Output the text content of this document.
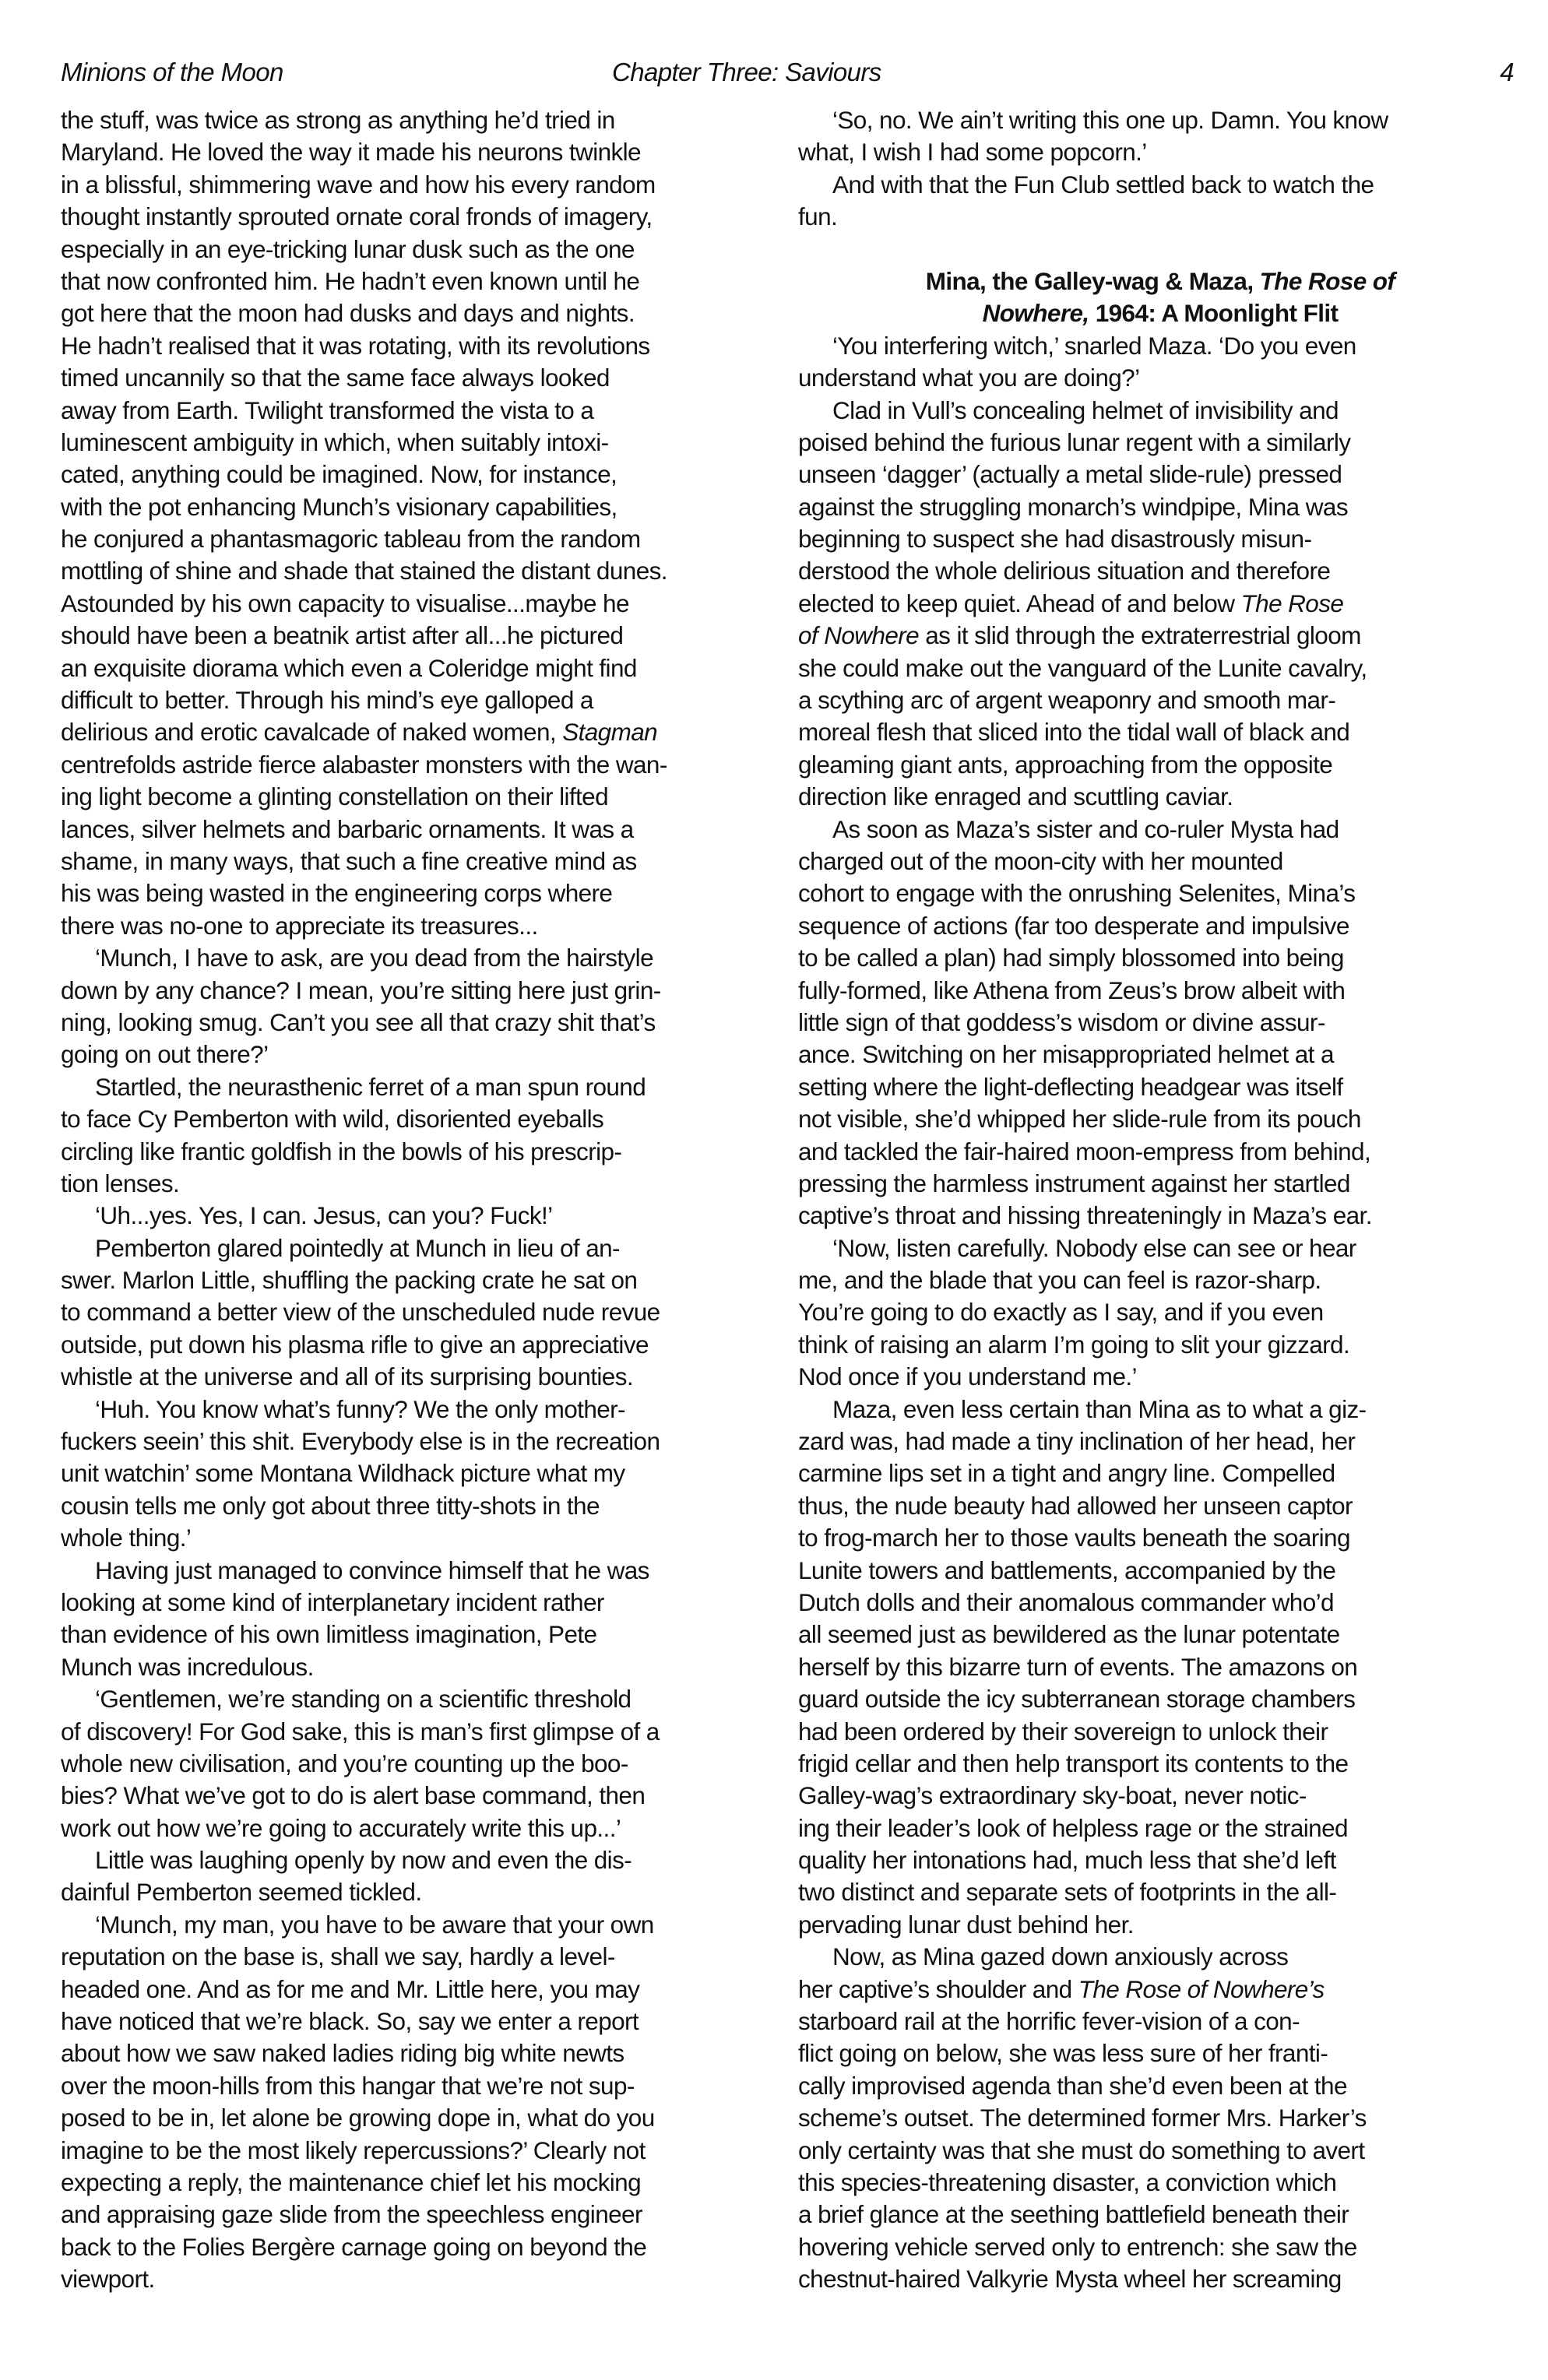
Minions of the Moon	Chapter Three: Saviours	4
the stuff, was twice as strong as anything he’d tried in
Maryland. He loved the way it made his neurons twinkle
in a blissful, shimmering wave and how his every random
thought instantly sprouted ornate coral fronds of imagery,
especially in an eye-tricking lunar dusk such as the one
that now confronted him. He hadn’t even known until he
got here that the moon had dusks and days and nights.
He hadn’t realised that it was rotating, with its revolutions
timed uncannily so that the same face always looked
away from Earth. Twilight transformed the vista to a
luminescent ambiguity in which, when suitably intoxi-
cated, anything could be imagined. Now, for instance,
with the pot enhancing Munch’s visionary capabilities,
he conjured a phantasmagoric tableau from the random
mottling of shine and shade that stained the distant dunes.
Astounded by his own capacity to visualise...maybe he
should have been a beatnik artist after all...he pictured
an exquisite diorama which even a Coleridge might find
difficult to better. Through his mind’s eye galloped a
delirious and erotic cavalcade of naked women, Stagman
centrefolds astride fierce alabaster monsters with the wan-
ing light become a glinting constellation on their lifted
lances, silver helmets and barbaric ornaments. It was a
shame, in many ways, that such a fine creative mind as
his was being wasted in the engineering corps where
there was no-one to appreciate its treasures...
‘Munch, I have to ask, are you dead from the hairstyle
down by any chance? I mean, you’re sitting here just grin-
ning, looking smug. Can’t you see all that crazy shit that’s
going on out there?’
Startled, the neurasthenic ferret of a man spun round
to face Cy Pemberton with wild, disoriented eyeballs
circling like frantic goldfish in the bowls of his prescrip-
tion lenses.
‘Uh...yes. Yes, I can. Jesus, can you? Fuck!’
Pemberton glared pointedly at Munch in lieu of an-
swer. Marlon Little, shuffling the packing crate he sat on
to command a better view of the unscheduled nude revue
outside, put down his plasma rifle to give an appreciative
whistle at the universe and all of its surprising bounties.
‘Huh. You know what’s funny? We the only mother-
fuckers seein’ this shit. Everybody else is in the recreation
unit watchin’ some Montana Wildhack picture what my
cousin tells me only got about three titty-shots in the
whole thing.’
Having just managed to convince himself that he was
looking at some kind of interplanetary incident rather
than evidence of his own limitless imagination, Pete
Munch was incredulous.
‘Gentlemen, we’re standing on a scientific threshold
of discovery! For God sake, this is man’s first glimpse of a
whole new civilisation, and you’re counting up the boo-
bies? What we’ve got to do is alert base command, then
work out how we’re going to accurately write this up...’
Little was laughing openly by now and even the dis-
dainful Pemberton seemed tickled.
‘Munch, my man, you have to be aware that your own
reputation on the base is, shall we say, hardly a level-
headed one. And as for me and Mr. Little here, you may
have noticed that we’re black. So, say we enter a report
about how we saw naked ladies riding big white newts
over the moon-hills from this hangar that we’re not sup-
posed to be in, let alone be growing dope in, what do you
imagine to be the most likely repercussions?’ Clearly not
expecting a reply, the maintenance chief let his mocking
and appraising gaze slide from the speechless engineer
back to the Folies Bergère carnage going on beyond the
viewport.
‘So, no. We ain’t writing this one up. Damn. You know
what, I wish I had some popcorn.’
And with that the Fun Club settled back to watch the
fun.
Mina, the Galley-wag & Maza, The Rose of
Nowhere, 1964: A Moonlight Flit
‘You interfering witch,’ snarled Maza. ‘Do you even
understand what you are doing?’
Clad in Vull’s concealing helmet of invisibility and
poised behind the furious lunar regent with a similarly
unseen ‘dagger’ (actually a metal slide-rule) pressed
against the struggling monarch’s windpipe, Mina was
beginning to suspect she had disastrously misun-
derstood the whole delirious situation and therefore
elected to keep quiet. Ahead of and below The Rose
of Nowhere as it slid through the extraterrestrial gloom
she could make out the vanguard of the Lunite cavalry,
a scything arc of argent weaponry and smooth mar-
moreal flesh that sliced into the tidal wall of black and
gleaming giant ants, approaching from the opposite
direction like enraged and scuttling caviar.
As soon as Maza’s sister and co-ruler Mysta had
charged out of the moon-city with her mounted
cohort to engage with the onrushing Selenites, Mina’s
sequence of actions (far too desperate and impulsive
to be called a plan) had simply blossomed into being
fully-formed, like Athena from Zeus’s brow albeit with
little sign of that goddess’s wisdom or divine assur-
ance. Switching on her misappropriated helmet at a
setting where the light-deflecting headgear was itself
not visible, she’d whipped her slide-rule from its pouch
and tackled the fair-haired moon-empress from behind,
pressing the harmless instrument against her startled
captive’s throat and hissing threateningly in Maza’s ear.
‘Now, listen carefully. Nobody else can see or hear
me, and the blade that you can feel is razor-sharp.
You’re going to do exactly as I say, and if you even
think of raising an alarm I’m going to slit your gizzard.
Nod once if you understand me.’
Maza, even less certain than Mina as to what a giz-
zard was, had made a tiny inclination of her head, her
carmine lips set in a tight and angry line. Compelled
thus, the nude beauty had allowed her unseen captor
to frog-march her to those vaults beneath the soaring
Lunite towers and battlements, accompanied by the
Dutch dolls and their anomalous commander who’d
all seemed just as bewildered as the lunar potentate
herself by this bizarre turn of events. The amazons on
guard outside the icy subterranean storage chambers
had been ordered by their sovereign to unlock their
frigid cellar and then help transport its contents to the
Galley-wag’s extraordinary sky-boat, never notic-
ing their leader’s look of helpless rage or the strained
quality her intonations had, much less that she’d left
two distinct and separate sets of footprints in the all-
pervading lunar dust behind her.
Now, as Mina gazed down anxiously across
her captive’s shoulder and The Rose of Nowhere’s
starboard rail at the horrific fever-vision of a con-
flict going on below, she was less sure of her franti-
cally improvised agenda than she’d even been at the
scheme’s outset. The determined former Mrs. Harker’s
only certainty was that she must do something to avert
this species-threatening disaster, a conviction which
a brief glance at the seething battlefield beneath their
hovering vehicle served only to entrench: she saw the
chestnut-haired Valkyrie Mysta wheel her screaming
